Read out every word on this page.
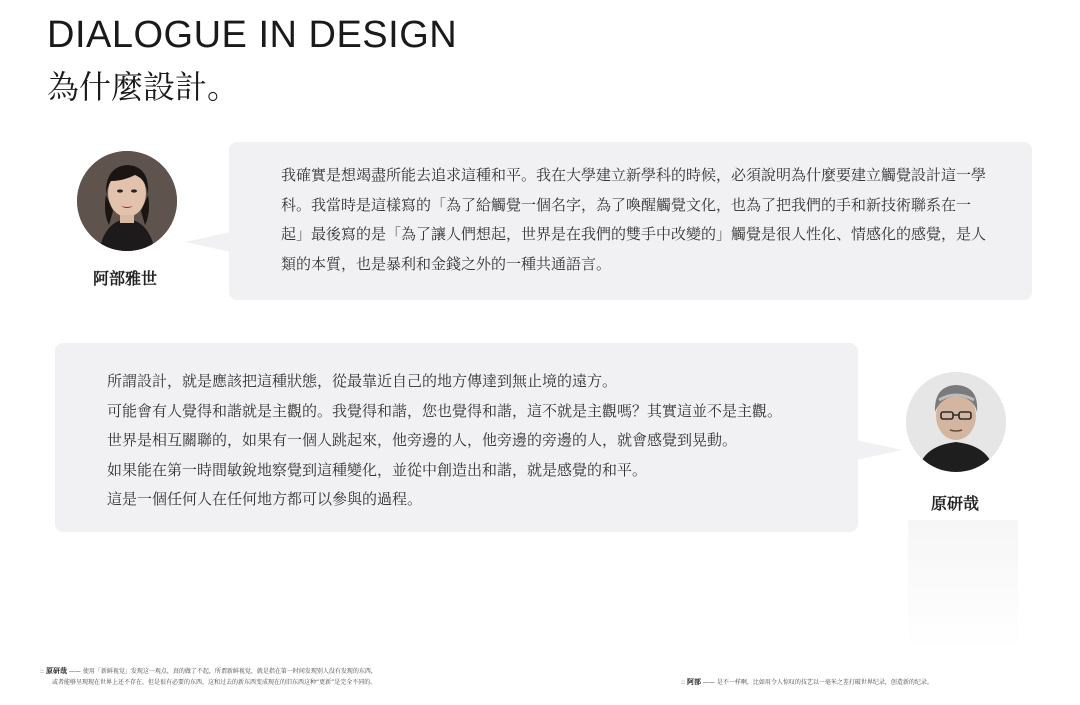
DIALOGUE IN DESIGN
為什麼設計。
我確實是想竭盡所能去追求這種和平。我在大學建立新學科的時候，必須說明為什麼要建立觸覺設計這一學科。我當時是這樣寫的「為了給觸覺一個名字，為了喚醒觸覺文化，也為了把我們的手和新技術聯系在一起」最後寫的是「為了讓人們想起，世界是在我們的雙手中改變的」觸覺是很人性化、情感化的感覺，是人類的本質，也是暴利和金錢之外的一種共通語言。
阿部雅世

所謂設計，就是應該把這種狀態，從最靠近自己的地方傳達到無止境的遠方。

可能會有人覺得和諧就是主觀的。我覺得和諧，您也覺得和諧，這不就是主觀嗎？其實這並不是主觀。

世界是相互關聯的，如果有一個人跳起來，他旁邊的人，他旁邊的旁邊的人，就會感覺到晃動。

如果能在第一時間敏銳地察覺到這種變化，並從中創造出和諧，就是感覺的和平。

這是一個任何人在任何地方都可以參與的過程。	原研哉
:: 原研哉 —— 使用「新鲜视觉」发现这一观点，真的做了不起，所谓新鲜视觉，就是指在第一时间发现别人没有发现的东西，
或者能够呈现现在世界上还不存在，但是很有必要的东西，这和过去的新东西变成现在的旧东西这种“更新”是完全不同的。	:: 阿部 —— 是不一样啊，比如用令人惊叹的技艺以一毫米之差打破世界纪录，创造新的纪录。
